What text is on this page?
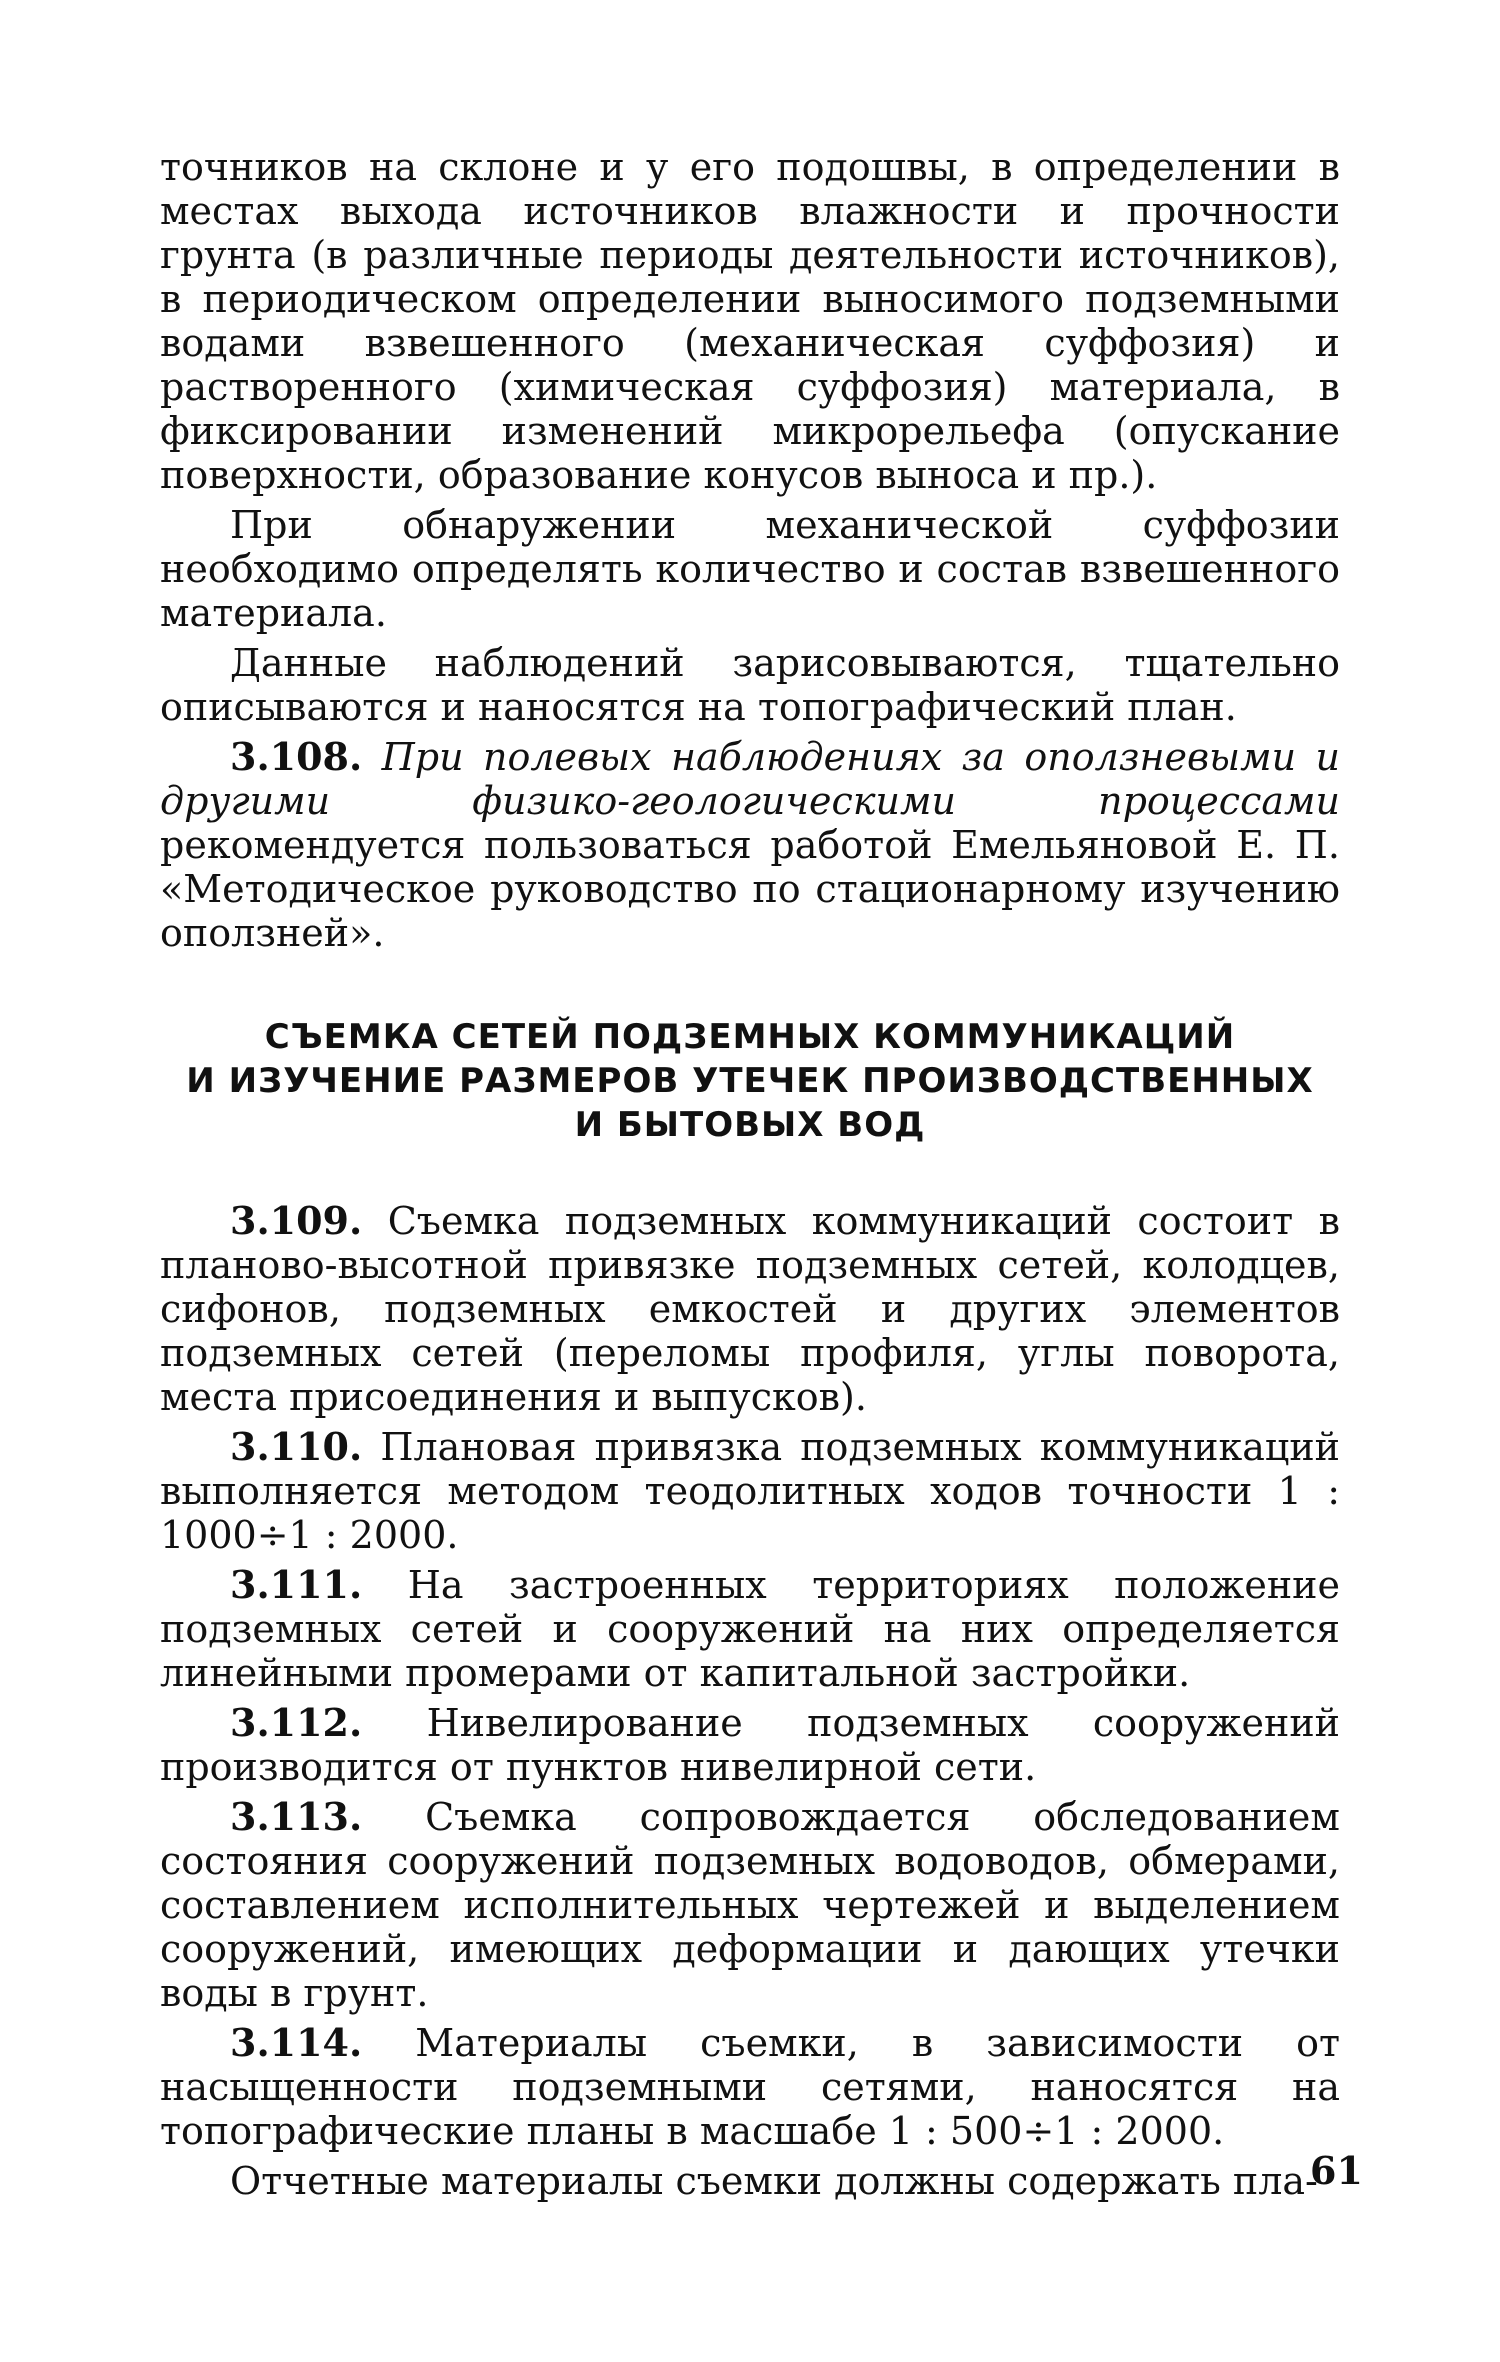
точников на склоне и у его подошвы, в определении в местах выхода источников влажности и прочности грунта (в различные периоды деятельности источников), в периодическом определении выносимого подземными водами взвешенного (механическая суффозия) и растворенного (химическая суффозия) материала, в фиксировании изменений микрорельефа (опускание поверхности, образование конусов выноса и пр.).

При обнаружении механической суффозии необходимо определять количество и состав взвешенного материала.

Данные наблюдений зарисовываются, тщательно описываются и наносятся на топографический план.

3.108. При полевых наблюдениях за оползневыми и другими физико-геологическими процессами рекомендуется пользоваться работой Емельяновой Е. П. «Методическое руководство по стационарному изучению оползней».

СЪЕМКА СЕТЕЙ ПОДЗЕМНЫХ КОММУНИКАЦИЙ
И ИЗУЧЕНИЕ РАЗМЕРОВ УТЕЧЕК ПРОИЗВОДСТВЕННЫХ
И БЫТОВЫХ ВОД

3.109. Съемка подземных коммуникаций состоит в планово-высотной привязке подземных сетей, колодцев, сифонов, подземных емкостей и других элементов подземных сетей (переломы профиля, углы поворота, места присоединения и выпусков).

3.110. Плановая привязка подземных коммуникаций выполняется методом теодолитных ходов точности 1 : 1000÷1 : 2000.

3.111. На застроенных территориях положение подземных сетей и сооружений на них определяется линейными промерами от капитальной застройки.

3.112. Нивелирование подземных сооружений производится от пунктов нивелирной сети.

3.113. Съемка сопровождается обследованием состояния сооружений подземных водоводов, обмерами, составлением исполнительных чертежей и выделением сооружений, имеющих деформации и дающих утечки воды в грунт.

3.114. Материалы съемки, в зависимости от насыщенности подземными сетями, наносятся на топографические планы в масшабе 1 : 500÷1 : 2000.

Отчетные материалы съемки должны содержать пла-

61
